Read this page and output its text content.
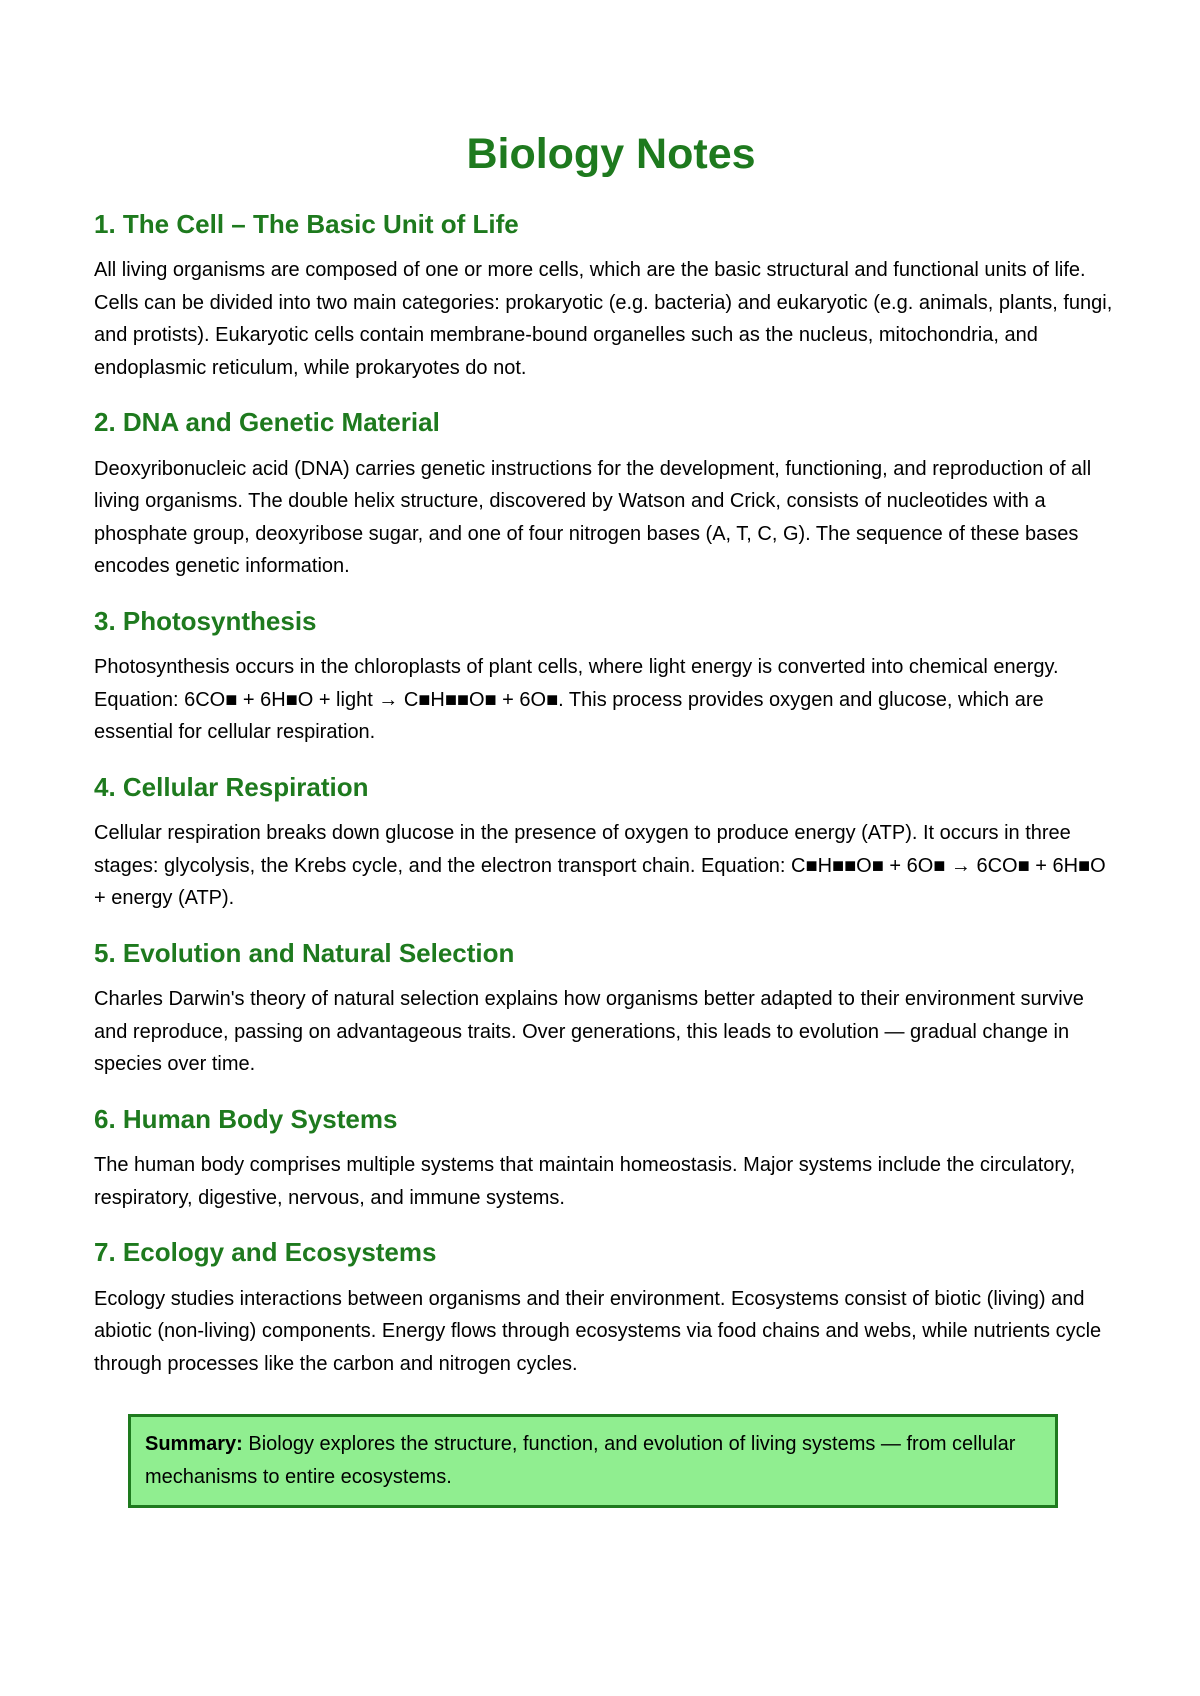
Biology Notes
1. The Cell – The Basic Unit of Life

All living organisms are composed of one or more cells, which are the basic structural and functional units of life. Cells can be divided into two main categories: prokaryotic (e.g. bacteria) and eukaryotic (e.g. animals, plants, fungi, and protists). Eukaryotic cells contain membrane-bound organelles such as the nucleus, mitochondria, and endoplasmic reticulum, while prokaryotes do not.

2. DNA and Genetic Material

Deoxyribonucleic acid (DNA) carries genetic instructions for the development, functioning, and reproduction of all living organisms. The double helix structure, discovered by Watson and Crick, consists of nucleotides with a phosphate group, deoxyribose sugar, and one of four nitrogen bases (A, T, C, G). The sequence of these bases encodes genetic information.

3. Photosynthesis

Photosynthesis occurs in the chloroplasts of plant cells, where light energy is converted into chemical energy. Equation: 6CO■ + 6H■O + light → C■H■■O■ + 6O■. This process provides oxygen and glucose, which are essential for cellular respiration.

4. Cellular Respiration

Cellular respiration breaks down glucose in the presence of oxygen to produce energy (ATP). It occurs in three stages: glycolysis, the Krebs cycle, and the electron transport chain. Equation: C■H■■O■ + 6O■ → 6CO■ + 6H■O + energy (ATP).

5. Evolution and Natural Selection

Charles Darwin's theory of natural selection explains how organisms better adapted to their environment survive and reproduce, passing on advantageous traits. Over generations, this leads to evolution — gradual change in species over time.

6. Human Body Systems

The human body comprises multiple systems that maintain homeostasis. Major systems include the circulatory, respiratory, digestive, nervous, and immune systems.

7. Ecology and Ecosystems

Ecology studies interactions between organisms and their environment. Ecosystems consist of biotic (living) and abiotic (non-living) components. Energy flows through ecosystems via food chains and webs, while nutrients cycle through processes like the carbon and nitrogen cycles.

Summary: Biology explores the structure, function, and evolution of living systems — from cellular mechanisms to entire ecosystems.
